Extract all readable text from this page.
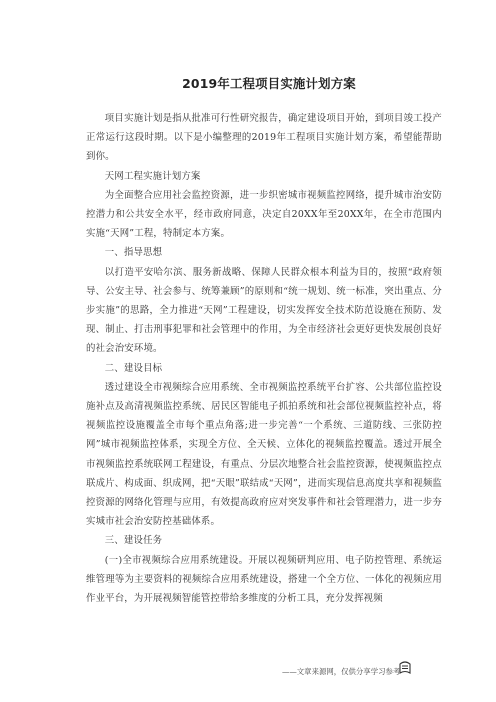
2019年工程项目实施计划方案

项目实施计划是指从批准可行性研究报告，确定建设项目开始，到项目竣工投产正常运行这段时期。以下是小编整理的2019年工程项目实施计划方案，希望能帮助到你。

天网工程实施计划方案

为全面整合应用社会监控资源，进一步织密城市视频监控网络，提升城市治安防控潜力和公共安全水平，经市政府同意，决定自20XX年至20XX年，在全市范围内实施“天网”工程，特制定本方案。

一、指导思想

以打造平安哈尔滨、服务新战略、保障人民群众根本利益为目的，按照“政府领导、公安主导、社会参与、统筹兼顾”的原则和“统一规划、统一标准，突出重点、分步实施”的思路，全力推进“天网”工程建设，切实发挥安全技术防范设施在预防、发现、制止、打击刑事犯罪和社会管理中的作用，为全市经济社会更好更快发展创良好的社会治安环境。

二、建设目标

透过建设全市视频综合应用系统、全市视频监控系统平台扩容、公共部位监控设施补点及高清视频监控系统、居民区智能电子抓拍系统和社会部位视频监控补点，将视频监控设施覆盖全市每个重点角落;进一步完善“一个系统、三道防线、三张防控网”城市视频监控体系，实现全方位、全天候、立体化的视频监控覆盖。透过开展全市视频监控系统联网工程建设，有重点、分层次地整合社会监控资源，使视频监控点联成片、构成面、织成网，把“天眼”联结成“天网”，进而实现信息高度共享和视频监控资源的网络化管理与应用，有效提高政府应对突发事件和社会管理潜力，进一步夯实城市社会治安防控基础体系。

三、建设任务

(一)全市视频综合应用系统建设。开展以视频研判应用、电子防控管理、系统运维管理等为主要资料的视频综合应用系统建设，搭建一个全方位、一体化的视频应用作业平台，为开展视频智能管控带给多维度的分析工具，充分发挥视频

——文章来源网，仅供分享学习参考
